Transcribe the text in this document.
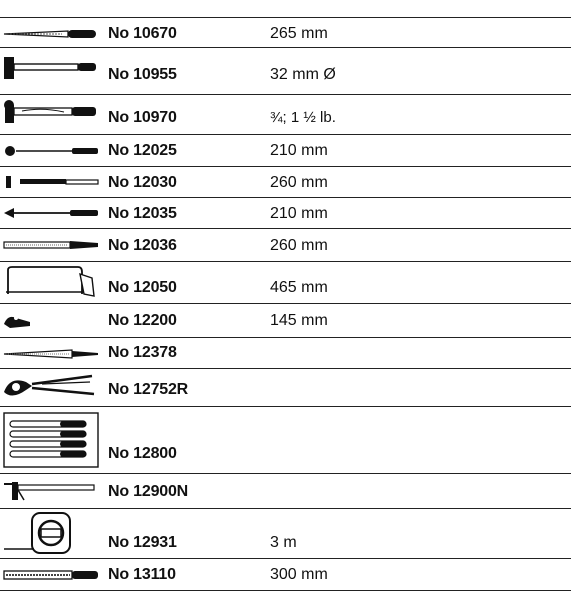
No 10670	265 mm
No 10955	32 mm Ø
No 10970	¾; 1 ½ lb.
No 12025	210 mm
No 12030	260 mm
No 12035	210 mm
No 12036	260 mm
No 12050	465 mm
No 12200	145 mm
No 12378
No 12752R
No 12800
No 12900N
No 12931	3 m
No 13110	300 mm
